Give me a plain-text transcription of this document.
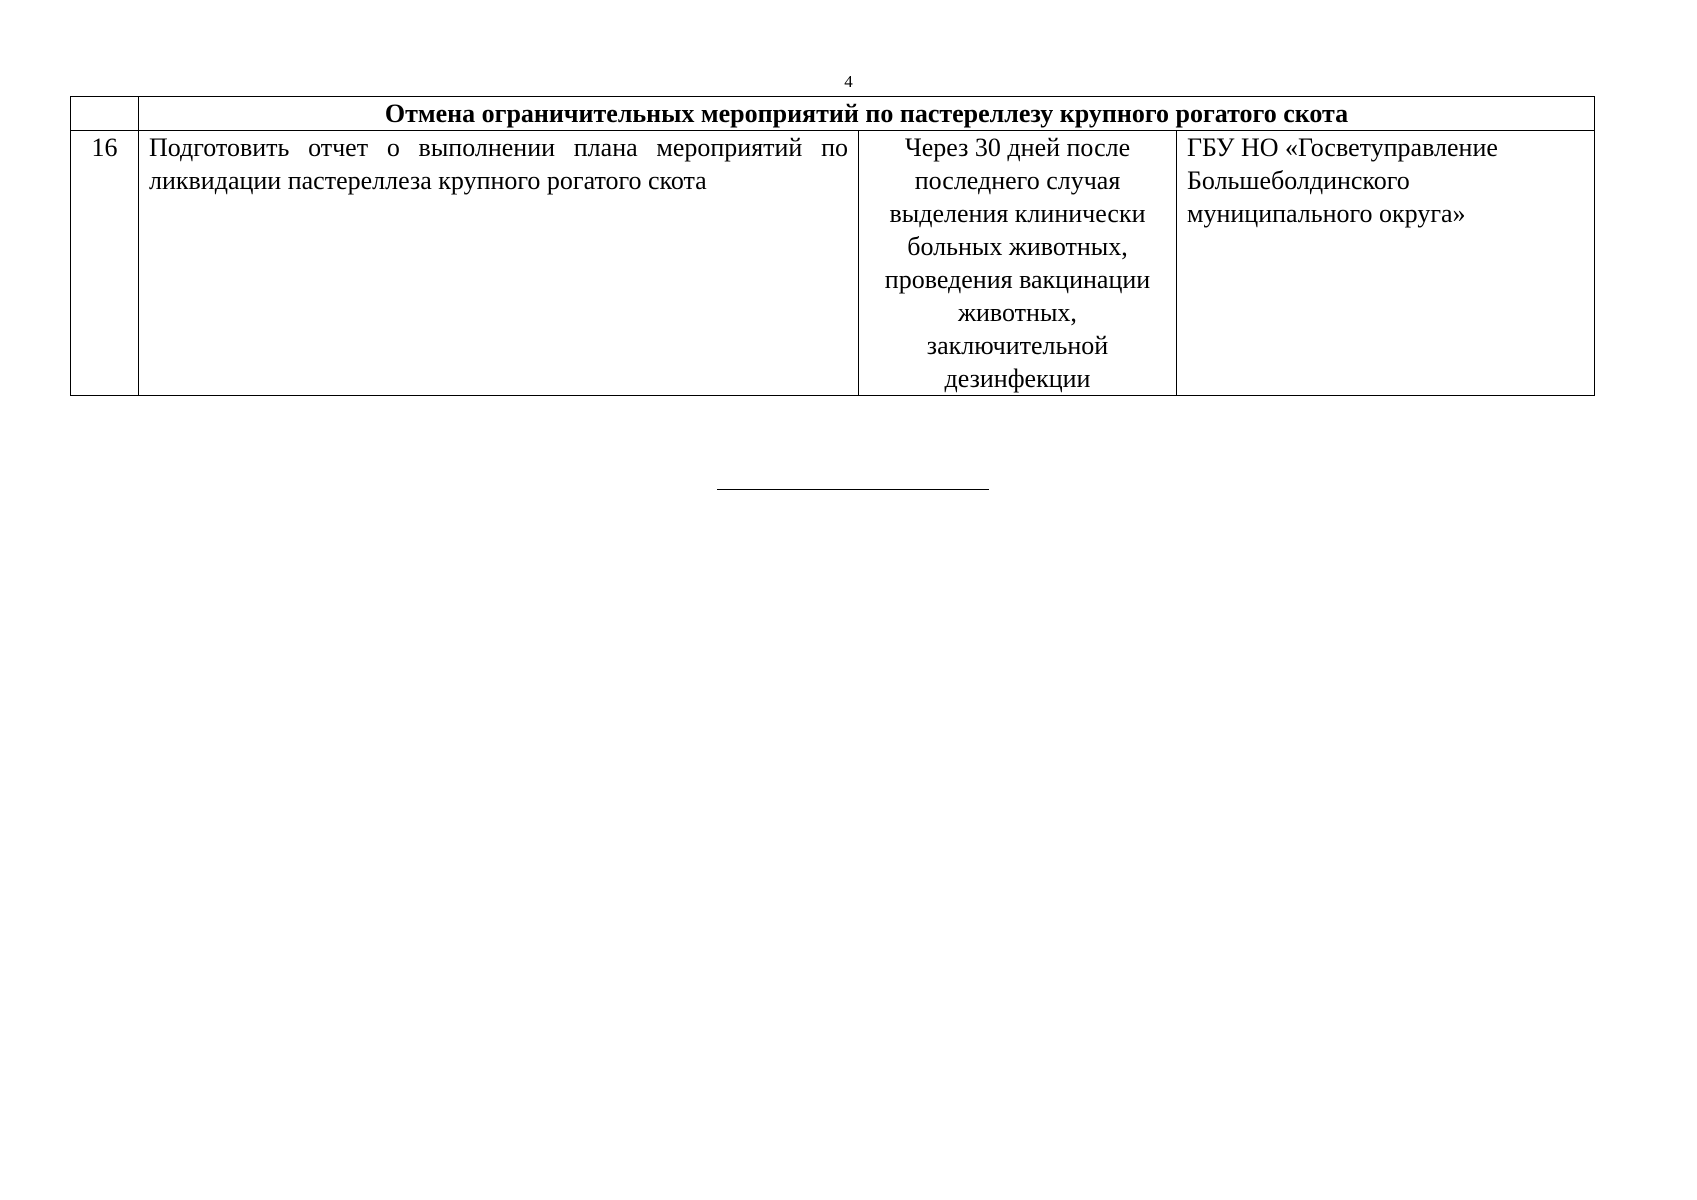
4
	Отмена ограничительных мероприятий по пастереллезу крупного рогатого скота		
16	Подготовить отчет о выполнении плана мероприятий по ликвидации пастереллеза крупного рогатого скота	Через 30 дней после последнего случая выделения клинически больных животных, проведения вакцинации животных, заключительной дезинфекции	ГБУ НО «Госветуправление Большеболдинского муниципального округа»
